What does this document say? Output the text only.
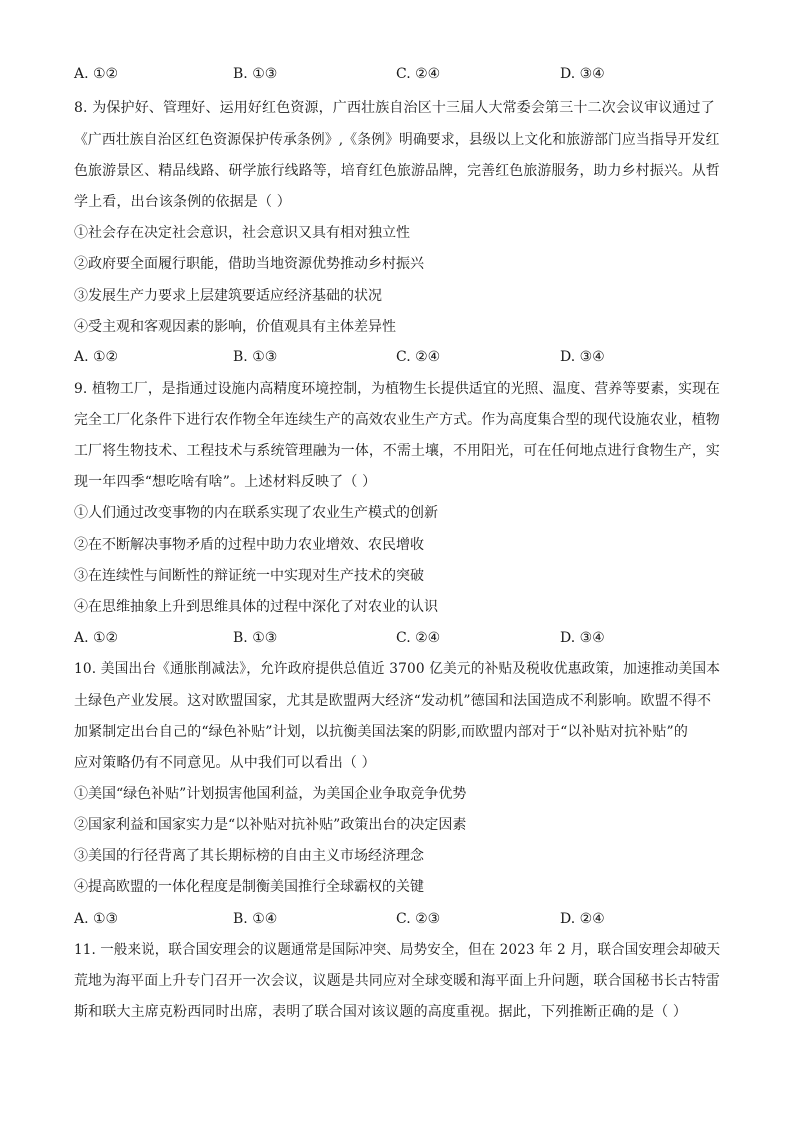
A. ①②	B. ①③	C. ②④	D. ③④
8. 为保护好、管理好、运用好红色资源，广西壮族自治区十三届人大常委会第三十二次会议审议通过了
《广西壮族自治区红色资源保护传承条例》,《条例》明确要求，县级以上文化和旅游部门应当指导开发红
色旅游景区、精品线路、研学旅行线路等，培育红色旅游品牌，完善红色旅游服务，助力乡村振兴。从哲
学上看，出台该条例的依据是（ ）
①社会存在决定社会意识，社会意识又具有相对独立性
②政府要全面履行职能，借助当地资源优势推动乡村振兴
③发展生产力要求上层建筑要适应经济基础的状况
④受主观和客观因素的影响，价值观具有主体差异性
A. ①②	B. ①③	C. ②④	D. ③④
9. 植物工厂，是指通过设施内高精度环境控制，为植物生长提供适宜的光照、温度、营养等要素，实现在
完全工厂化条件下进行农作物全年连续生产的高效农业生产方式。作为高度集合型的现代设施农业，植物
工厂将生物技术、工程技术与系统管理融为一体，不需土壤，不用阳光，可在任何地点进行食物生产，实
现一年四季“想吃啥有啥”。上述材料反映了（ ）
①人们通过改变事物的内在联系实现了农业生产模式的创新
②在不断解决事物矛盾的过程中助力农业增效、农民增收
③在连续性与间断性的辩证统一中实现对生产技术的突破
④在思维抽象上升到思维具体的过程中深化了对农业的认识
A. ①②	B. ①③	C. ②④	D. ③④
10. 美国出台《通胀削减法》，允许政府提供总值近 3700 亿美元的补贴及税收优惠政策，加速推动美国本
土绿色产业发展。这对欧盟国家，尤其是欧盟两大经济“发动机”德国和法国造成不利影响。欧盟不得不
加紧制定出台自己的“绿色补贴”计划，以抗衡美国法案的阴影,而欧盟内部对于“以补贴对抗补贴”的
应对策略仍有不同意见。从中我们可以看出（ ）
①美国“绿色补贴”计划损害他国利益，为美国企业争取竞争优势
②国家利益和国家实力是“以补贴对抗补贴”政策出台的决定因素
③美国的行径背离了其长期标榜的自由主义市场经济理念
④提高欧盟的一体化程度是制衡美国推行全球霸权的关键
A. ①③	B. ①④	C. ②③	D. ②④
11. 一般来说，联合国安理会的议题通常是国际冲突、局势安全，但在 2023 年 2 月，联合国安理会却破天
荒地为海平面上升专门召开一次会议，议题是共同应对全球变暖和海平面上升问题，联合国秘书长古特雷
斯和联大主席克粉西同时出席，表明了联合国对该议题的高度重视。据此，下列推断正确的是（ ）
